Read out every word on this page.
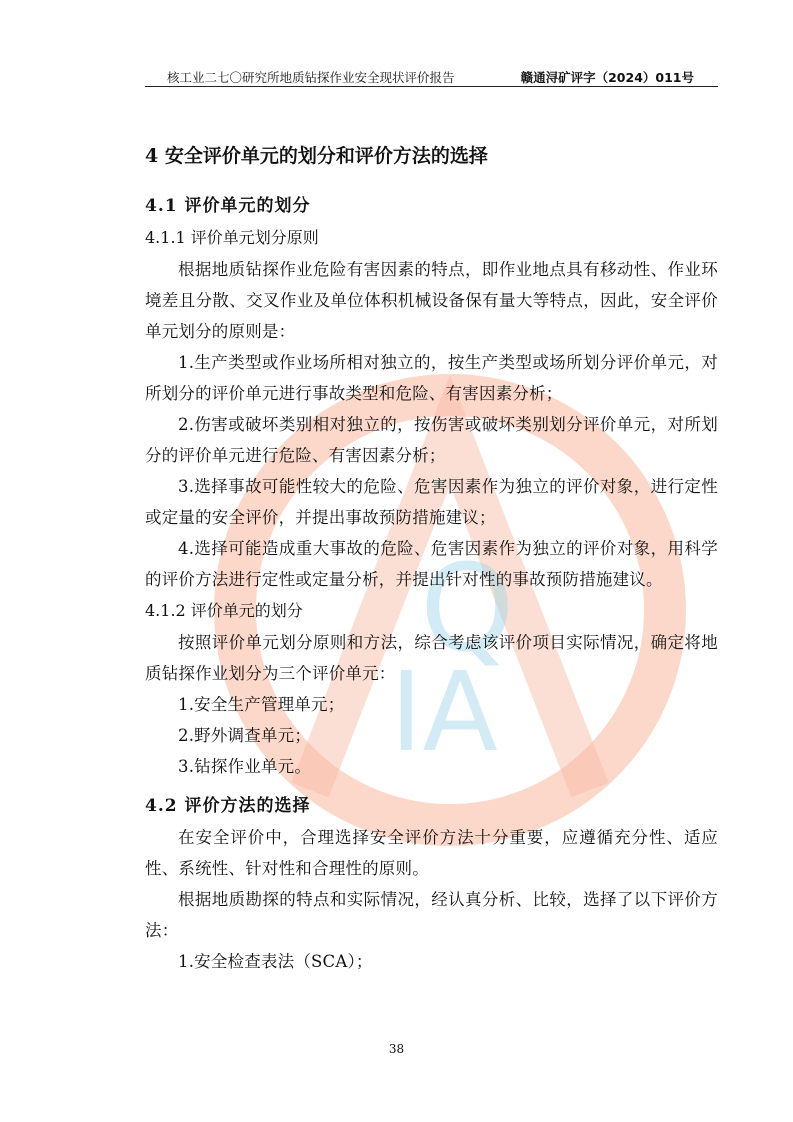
核工业二七〇研究所地质钻探作业安全现状评价报告	赣通浔矿评字（2024）011号
Q
IA
4 安全评价单元的划分和评价方法的选择
4.1 评价单元的划分
4.1.1 评价单元划分原则

根据地质钻探作业危险有害因素的特点，即作业地点具有移动性、作业环境差且分散、交叉作业及单位体积机械设备保有量大等特点，因此，安全评价单元划分的原则是：

1.生产类型或作业场所相对独立的，按生产类型或场所划分评价单元，对所划分的评价单元进行事故类型和危险、有害因素分析；

2.伤害或破坏类别相对独立的，按伤害或破坏类别划分评价单元，对所划分的评价单元进行危险、有害因素分析；

3.选择事故可能性较大的危险、危害因素作为独立的评价对象，进行定性或定量的安全评价，并提出事故预防措施建议；

4.选择可能造成重大事故的危险、危害因素作为独立的评价对象，用科学的评价方法进行定性或定量分析，并提出针对性的事故预防措施建议。

4.1.2 评价单元的划分

按照评价单元划分原则和方法，综合考虑该评价项目实际情况，确定将地质钻探作业划分为三个评价单元：

1.安全生产管理单元；

2.野外调查单元；

3.钻探作业单元。

4.2 评价方法的选择

在安全评价中，合理选择安全评价方法十分重要，应遵循充分性、适应性、系统性、针对性和合理性的原则。

根据地质勘探的特点和实际情况，经认真分析、比较，选择了以下评价方法：

1.安全检查表法（SCA）；

38
